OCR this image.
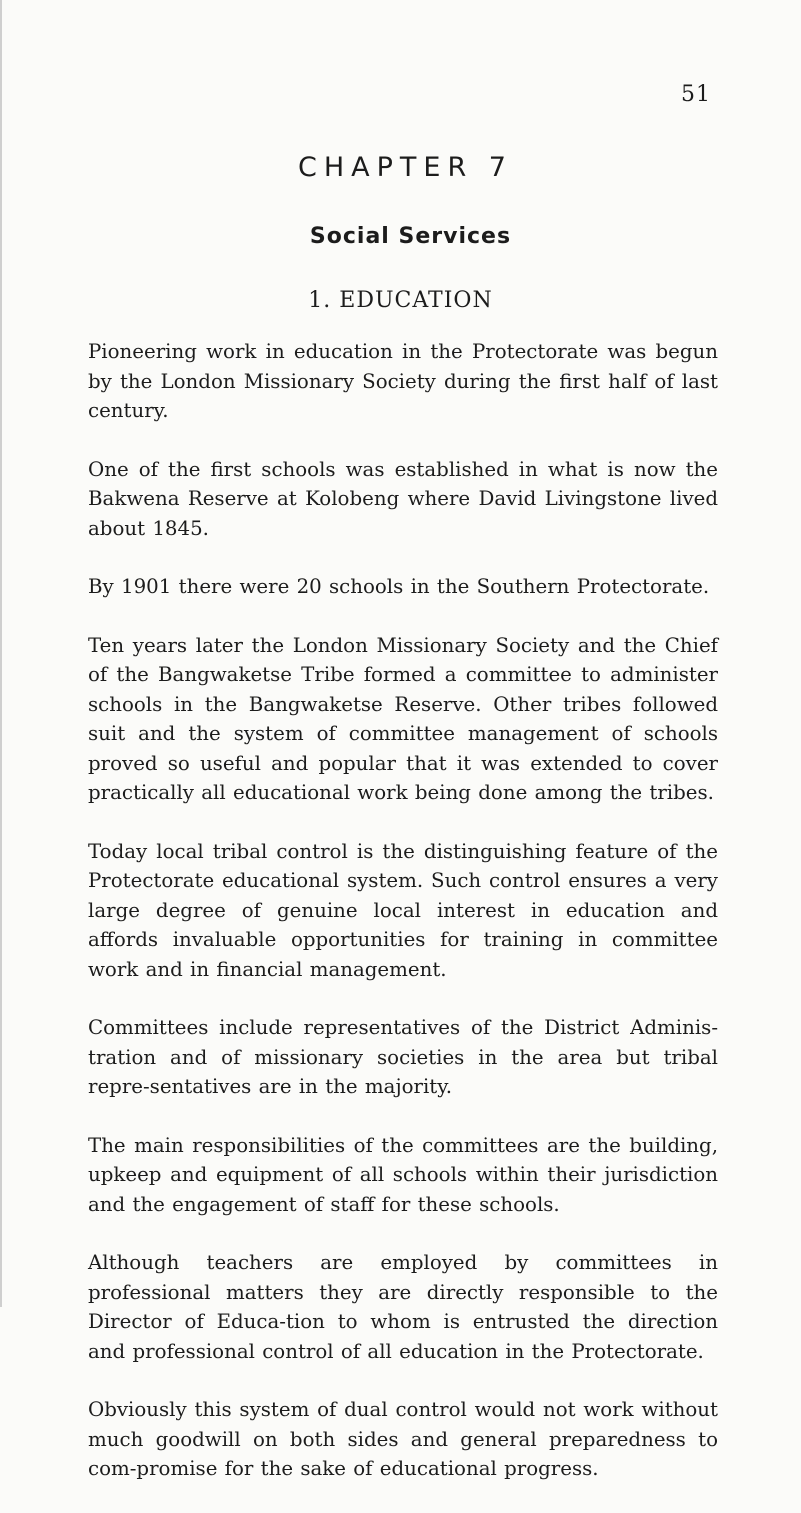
51
CHAPTER 7
Social Services
1. EDUCATION

Pioneering work in education in the Protectorate was begun by the London Missionary Society during the first half of last century.

One of the first schools was established in what is now the Bakwena Reserve at Kolobeng where David Livingstone lived about 1845.

By 1901 there were 20 schools in the Southern Protectorate.

Ten years later the London Missionary Society and the Chief of the Bangwaketse Tribe formed a committee to administer schools in the Bangwaketse Reserve. Other tribes followed suit and the system of committee management of schools proved so useful and popular that it was extended to cover practically all educational work being done among the tribes.

Today local tribal control is the distinguishing feature of the Protectorate educational system. Such control ensures a very large degree of genuine local interest in education and affords invaluable opportunities for training in committee work and in financial management.

Committees include representatives of the District Adminis-tration and of missionary societies in the area but tribal repre-sentatives are in the majority.

The main responsibilities of the committees are the building, upkeep and equipment of all schools within their jurisdiction and the engagement of staff for these schools.

Although teachers are employed by committees in professional matters they are directly responsible to the Director of Educa-tion to whom is entrusted the direction and professional control of all education in the Protectorate.

Obviously this system of dual control would not work without much goodwill on both sides and general preparedness to com-promise for the sake of educational progress.
